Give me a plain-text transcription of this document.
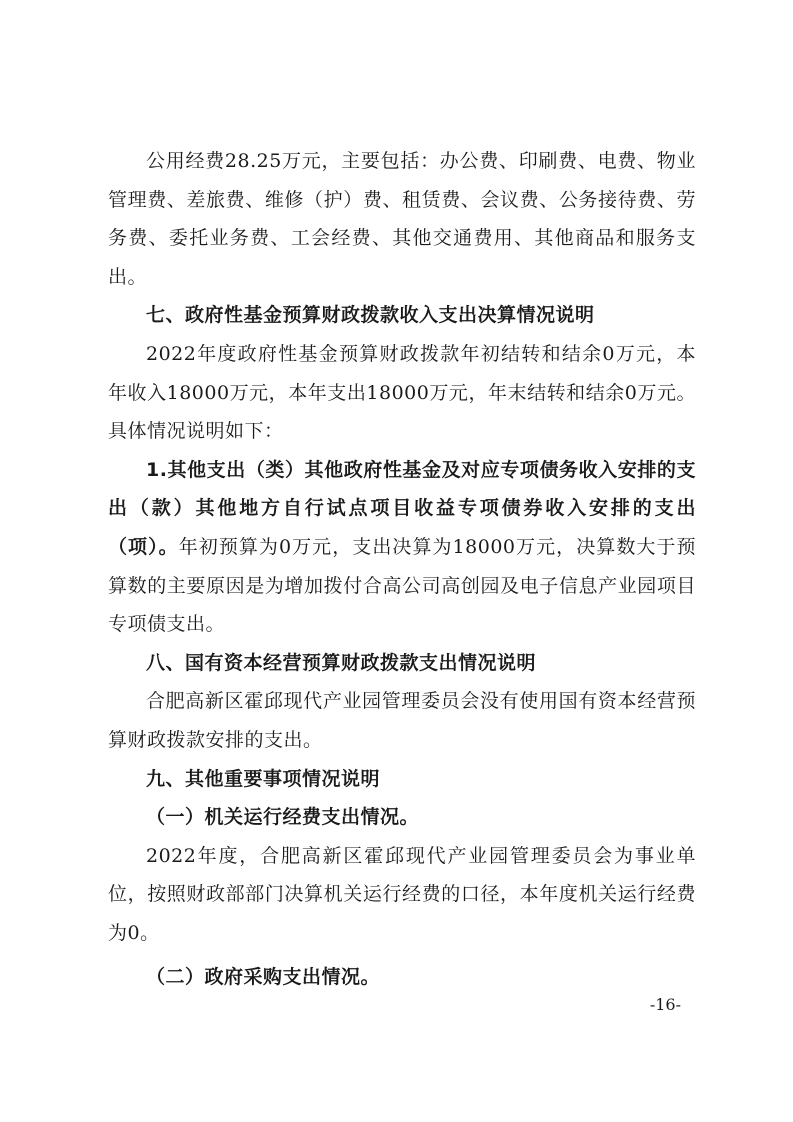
公用经费28.25万元，主要包括：办公费、印刷费、电费、物业管理费、差旅费、维修（护）费、租赁费、会议费、公务接待费、劳务费、委托业务费、工会经费、其他交通费用、其他商品和服务支出。

七、政府性基金预算财政拨款收入支出决算情况说明

2022年度政府性基金预算财政拨款年初结转和结余0万元，本年收入18000万元，本年支出18000万元，年末结转和结余0万元。具体情况说明如下：

1.其他支出（类）其他政府性基金及对应专项债务收入安排的支出（款）其他地方自行试点项目收益专项债券收入安排的支出（项）。年初预算为0万元，支出决算为18000万元，决算数大于预算数的主要原因是为增加拨付合高公司高创园及电子信息产业园项目专项债支出。

八、国有资本经营预算财政拨款支出情况说明

合肥高新区霍邱现代产业园管理委员会没有使用国有资本经营预算财政拨款安排的支出。

九、其他重要事项情况说明

（一）机关运行经费支出情况。

2022年度，合肥高新区霍邱现代产业园管理委员会为事业单位，按照财政部部门决算机关运行经费的口径，本年度机关运行经费为0。

（二）政府采购支出情况。

-16-
